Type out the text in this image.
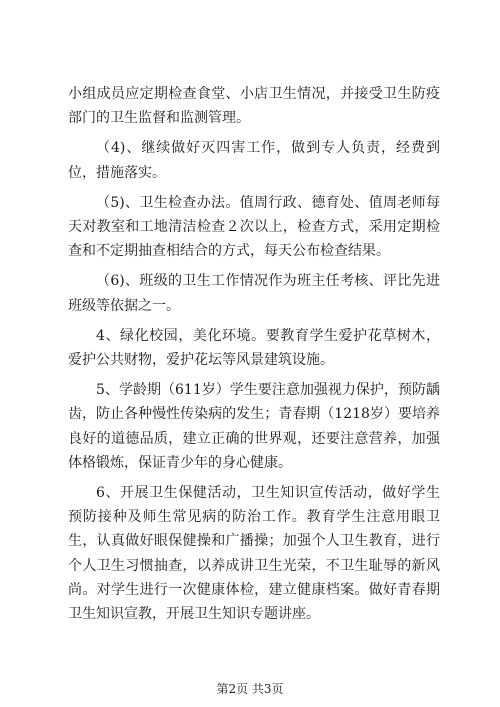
小组成员应定期检查食堂、小店卫生情况，并接受卫生防疫部门的卫生监督和监测管理。

（4)、继续做好灭四害工作，做到专人负责，经费到位，措施落实。

（5)、卫生检查办法。值周行政、德育处、值周老师每天对教室和工地清洁检查２次以上，检查方式，采用定期检查和不定期抽查相结合的方式，每天公布检查结果。

（6)、班级的卫生工作情况作为班主任考核、评比先进班级等依据之一。

4、绿化校园，美化环境。要教育学生爱护花草树木，爱护公共财物，爱护花坛等风景建筑设施。

5、学龄期（611岁）学生要注意加强视力保护，预防龋齿，防止各种慢性传染病的发生；青春期（1218岁）要培养良好的道德品质，建立正确的世界观，还要注意营养，加强体格锻炼，保证青少年的身心健康。

6、开展卫生保健活动，卫生知识宣传活动，做好学生预防接种及师生常见病的防治工作。教育学生注意用眼卫生，认真做好眼保健操和广播操；加强个人卫生教育，进行个人卫生习惯抽查，以养成讲卫生光荣，不卫生耻辱的新风尚。对学生进行一次健康体检，建立健康档案。做好青春期卫生知识宣教，开展卫生知识专题讲座。

第2页 共3页
